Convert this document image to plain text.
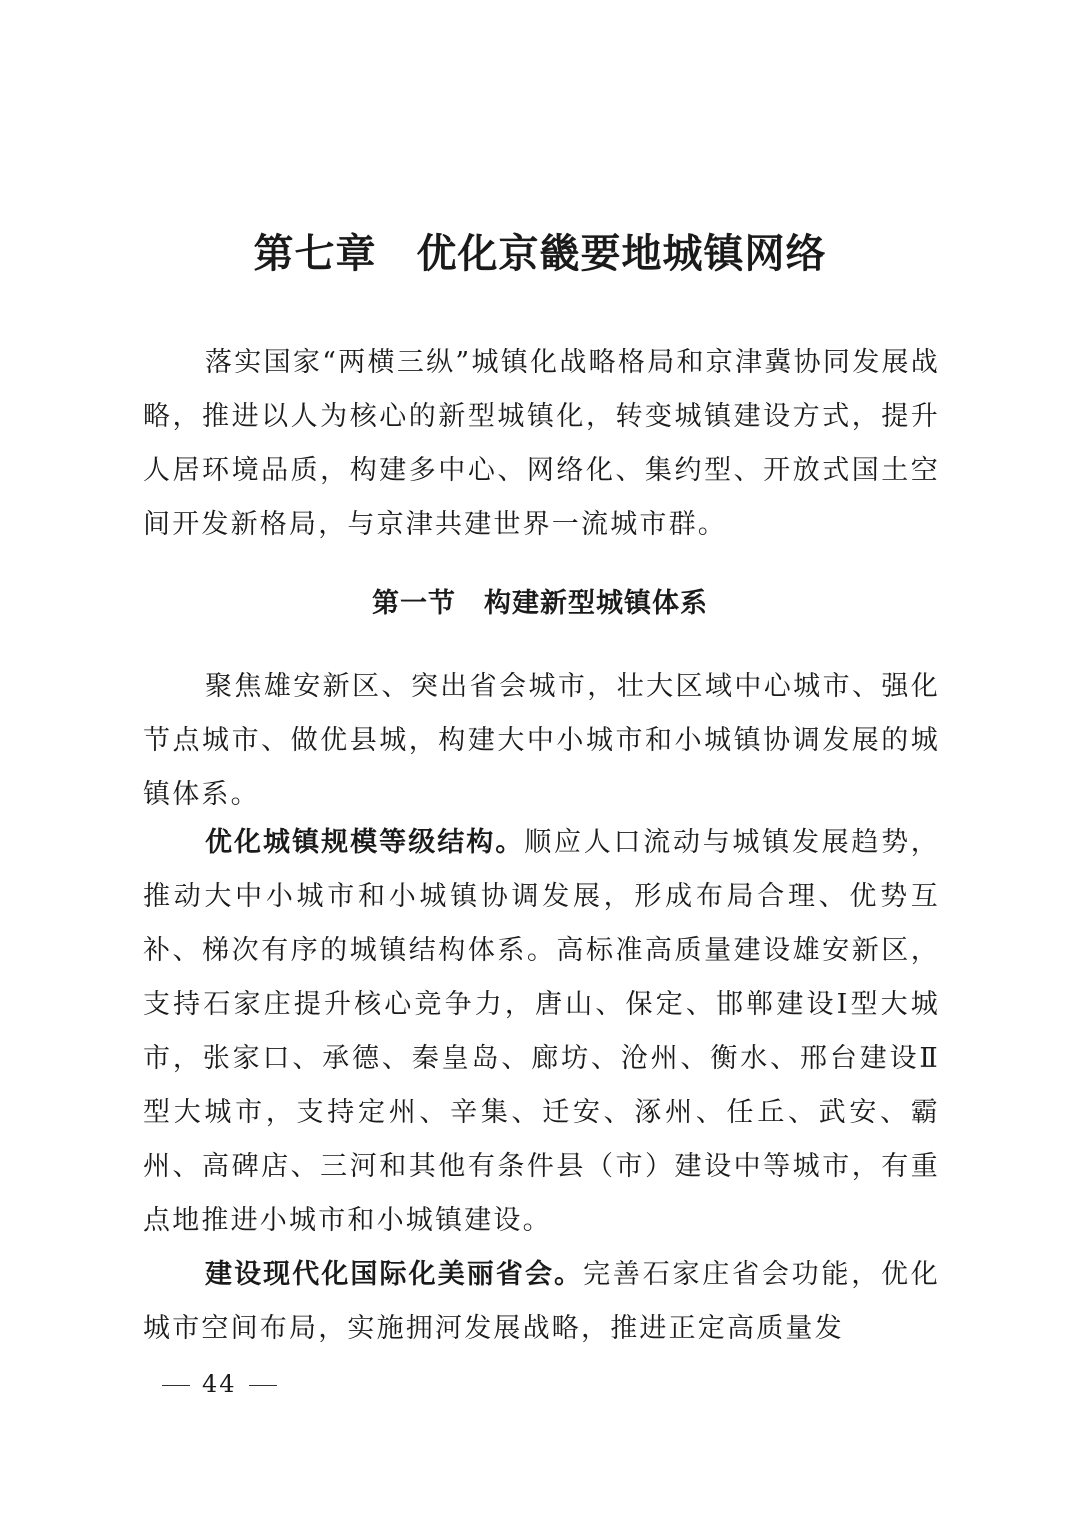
第七章 优化京畿要地城镇网络

落实国家“两横三纵”城镇化战略格局和京津冀协同发展战略，推进以人为核心的新型城镇化，转变城镇建设方式，提升人居环境品质，构建多中心、网络化、集约型、开放式国土空间开发新格局，与京津共建世界一流城市群。

第一节 构建新型城镇体系

聚焦雄安新区、突出省会城市，壮大区域中心城市、强化节点城市、做优县城，构建大中小城市和小城镇协调发展的城镇体系。

优化城镇规模等级结构。顺应人口流动与城镇发展趋势，推动大中小城市和小城镇协调发展，形成布局合理、优势互补、梯次有序的城镇结构体系。高标准高质量建设雄安新区，支持石家庄提升核心竞争力，唐山、保定、邯郸建设Ⅰ型大城市，张家口、承德、秦皇岛、廊坊、沧州、衡水、邢台建设Ⅱ型大城市，支持定州、辛集、迁安、涿州、任丘、武安、霸州、高碑店、三河和其他有条件县（市）建设中等城市，有重点地推进小城市和小城镇建设。

建设现代化国际化美丽省会。完善石家庄省会功能，优化城市空间布局，实施拥河发展战略，推进正定高质量发

44
